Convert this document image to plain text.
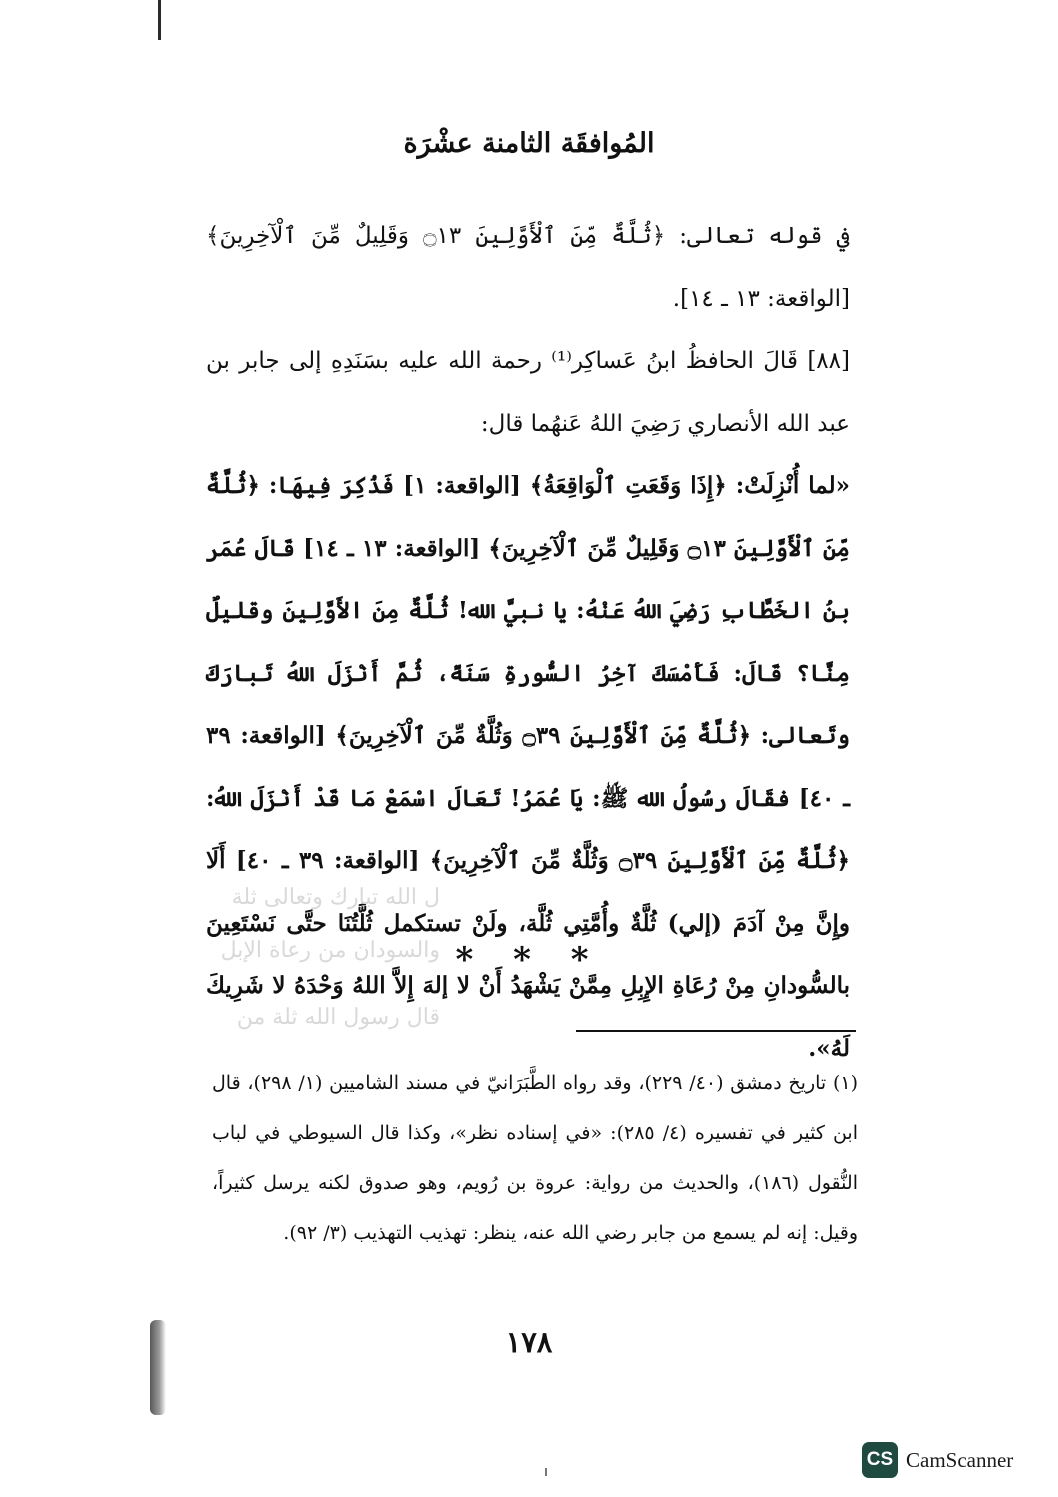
المُوافقَة الثامنة عشْرَة

في قوله تعالى: ﴿ثُلَّةٌ مِّنَ ٱلْأَوَّلِينَ ۝١٣ وَقَلِيلٌ مِّنَ ٱلْآخِرِينَ﴾ [الواقعة: ١٣ ـ ١٤].

[٨٨] قَالَ الحافظُ ابنُ عَساكِر⁽¹⁾ رحمة الله عليه بسَنَدِهِ إلى جابر بن عبد الله الأنصاري رَضِيَ اللهُ عَنهُما قال:

«لما أُنْزِلَتْ: ﴿إِذَا وَقَعَتِ ٱلْوَاقِعَةُ﴾ [الواقعة: ١] فَذُكِرَ فِيهَا: ﴿ثُلَّةٌ مِّنَ ٱلْأَوَّلِينَ ۝١٣ وَقَلِيلٌ مِّنَ ٱلْآخِرِينَ﴾ [الواقعة: ١٣ ـ ١٤] قَالَ عُمَر بنُ الخَطَّابِ رَضِيَ اللهُ عَنْهُ: يا نبيَّ الله! ثُلَّةٌ مِنَ الأَوَّلِينَ وقليلٌ مِنَّا؟ قَالَ: فَأَمْسَكَ آخِرُ السُّورةِ سَنَةً، ثُمَّ أَنْزَلَ اللهُ تَبارَكَ وتَعالى: ﴿ثُلَّةٌ مِّنَ ٱلْأَوَّلِينَ ۝٣٩ وَثُلَّةٌ مِّنَ ٱلْآخِرِينَ﴾ [الواقعة: ٣٩ ـ ٤٠] فقَالَ رسُولُ الله ﷺ: يَا عُمَرُ! تَعَالَ اسْمَعْ مَا قَدْ أَنْزَلَ اللهُ: ﴿ثُلَّةٌ مِّنَ ٱلْأَوَّلِينَ ۝٣٩ وَثُلَّةٌ مِّنَ ٱلْآخِرِينَ﴾ [الواقعة: ٣٩ ـ ٤٠] أَلَا وإِنَّ مِنْ آدَمَ (إلي) ثُلَّةٌ وأُمَّتِي ثُلَّة، ولَنْ تستكمل ثُلَّتُنَا حتَّى نَسْتَعِينَ بالسُّودانِ مِنْ رُعَاةِ الإِبِلِ مِمَّنْ يَشْهَدُ أَنْ لا إلهَ إِلاَّ اللهُ وَحْدَهُ لا شَرِيكَ لَهُ».

ﻝ ﺍﻟﻠﻪ ﺗﺒﺎﺭﻙ ﻭﺗﻌﺎﻟﻰ ﺛﻠﺔ
ﻭﺍﻟﺴﻮﺩﺍﻥ ﻣﻦ ﺭﻋﺎﺓ ﺍﻹﺑﻞ
ﻗﺎﻝ ﺭﺳﻮﻝ ﺍﻟﻠﻪ ﺛﻠﺔ ﻣﻦ
* * *

(١) تاريخ دمشق (٤٠/ ٢٢٩)، وقد رواه الطَّبَرَانيّ في مسند الشاميين (١/ ٢٩٨)، قال ابن كثير في تفسيره (٤/ ٢٨٥): «في إسناده نظر»، وكذا قال السيوطي في لباب النُّقول (١٨٦)، والحديث من رواية: عروة بن رُويم، وهو صدوق لكنه يرسل كثيراً، وقيل: إنه لم يسمع من جابر رضي الله عنه، ينظر: تهذيب التهذيب (٣/ ٩٢).

١٧٨
CS CamScanner
